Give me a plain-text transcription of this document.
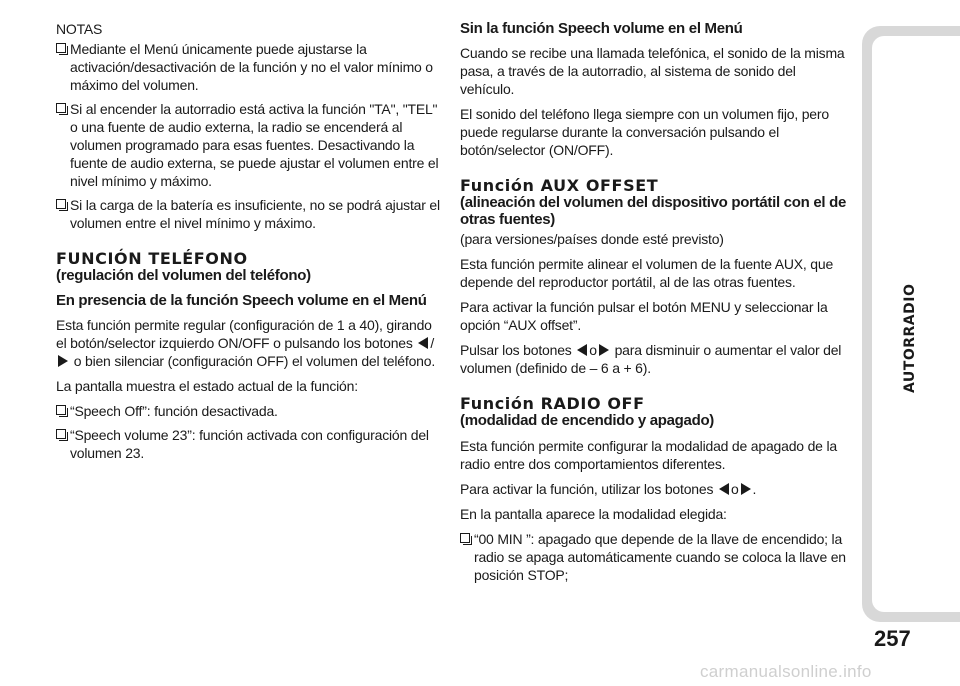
NOTAS

Mediante el Menú únicamente puede ajustarse la activación/desactivación de la función y no el valor mínimo o máximo del volumen.
Si al encender la autorradio está activa la función "TA", "TEL" o una fuente de audio externa, la radio se encenderá al volumen programado para esas fuentes. Desactivando la fuente de audio externa, se puede ajustar el volumen entre el nivel mínimo y máximo.
Si la carga de la batería es insuficiente, no se podrá ajustar el volumen entre el nivel mínimo y máximo.
FUNCIÓN TELÉFONO
(regulación del volumen del teléfono)
En presencia de la función Speech volume en el Menú

Esta función permite regular (configuración de 1 a 40), girando el botón/selector izquierdo ON/OFF o pulsando los botones / o bien silenciar (configuración OFF) el volumen del teléfono.

La pantalla muestra el estado actual de la función:

“Speech Off”: función desactivada.
“Speech volume 23”: función activada con configuración del volumen 23.
Sin la función Speech volume en el Menú

Cuando se recibe una llamada telefónica, el sonido de la misma pasa, a través de la autorradio, al sistema de sonido del vehículo.

El sonido del teléfono llega siempre con un volumen fijo, pero puede regularse durante la conversación pulsando el botón/selector (ON/OFF).

Función AUX OFFSET
(alineación del volumen del dispositivo portátil con el de otras fuentes)

(para versiones/países donde esté previsto)

Esta función permite alinear el volumen de la fuente AUX, que depende del reproductor portátil, al de las otras fuentes.

Para activar la función pulsar el botón MENU y seleccionar la opción “AUX offset”.

Pulsar los botones o para disminuir o aumentar el valor del volumen (definido de – 6 a + 6).

Función RADIO OFF
(modalidad de encendido y apagado)

Esta función permite configurar la modalidad de apagado de la radio entre dos comportamientos diferentes.

Para activar la función, utilizar los botones o .

En la pantalla aparece la modalidad elegida:

“00 MIN ”: apagado que depende de la llave de encendido; la radio se apaga automáticamente cuando se coloca la llave en posición STOP;
AUTORRADIO
257
carmanualsonline.info
